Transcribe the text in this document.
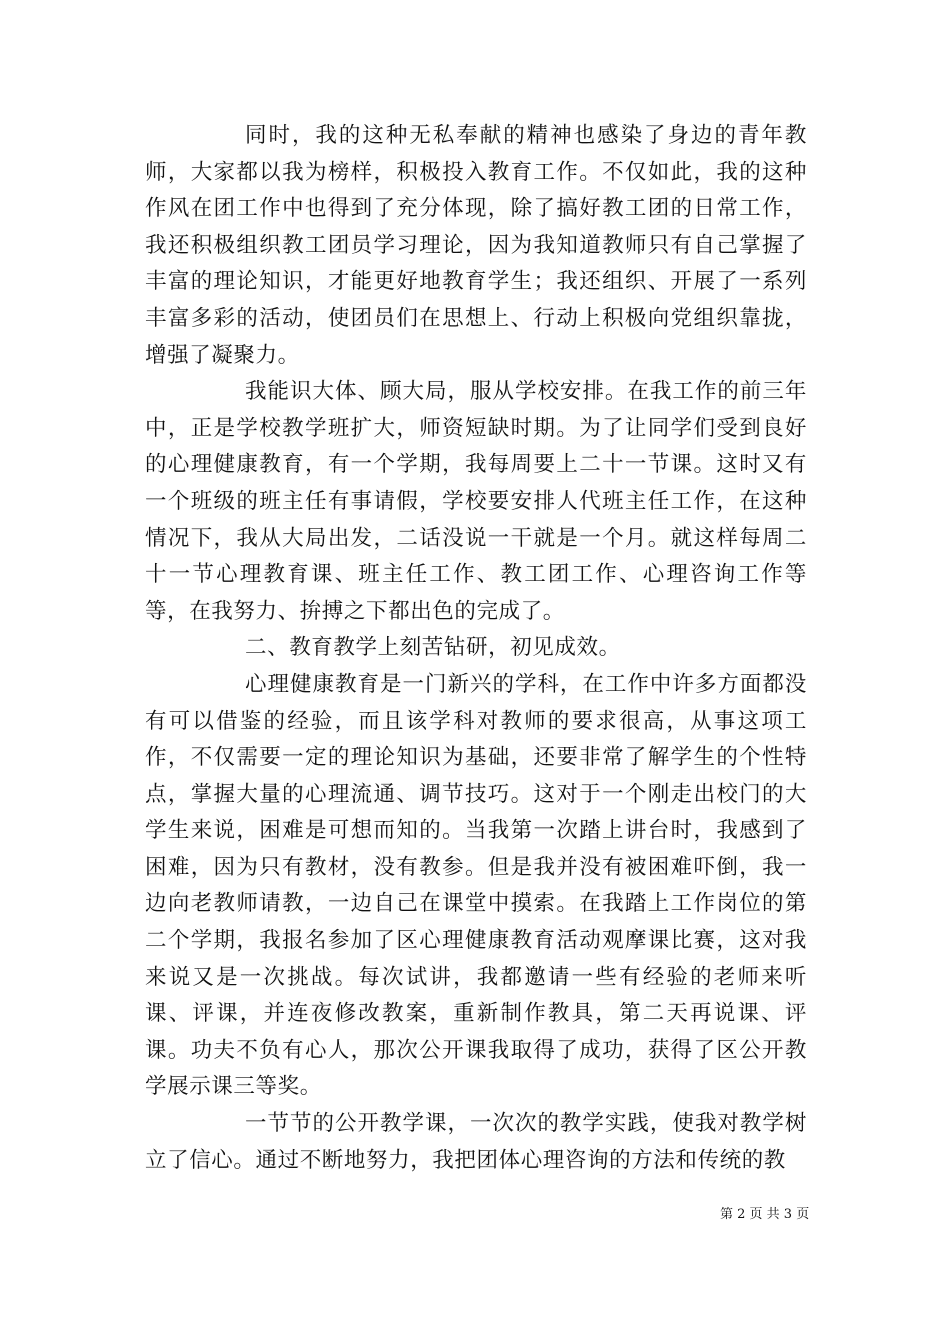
同时，我的这种无私奉献的精神也感染了身边的青年教师，大家都以我为榜样，积极投入教育工作。不仅如此，我的这种作风在团工作中也得到了充分体现，除了搞好教工团的日常工作，我还积极组织教工团员学习理论，因为我知道教师只有自己掌握了丰富的理论知识，才能更好地教育学生；我还组织、开展了一系列丰富多彩的活动，使团员们在思想上、行动上积极向党组织靠拢，增强了凝聚力。

我能识大体、顾大局，服从学校安排。在我工作的前三年中，正是学校教学班扩大，师资短缺时期。为了让同学们受到良好的心理健康教育，有一个学期，我每周要上二十一节课。这时又有一个班级的班主任有事请假，学校要安排人代班主任工作，在这种情况下，我从大局出发，二话没说一干就是一个月。就这样每周二十一节心理教育课、班主任工作、教工团工作、心理咨询工作等等，在我努力、拚搏之下都出色的完成了。

二、教育教学上刻苦钻研，初见成效。

心理健康教育是一门新兴的学科，在工作中许多方面都没有可以借鉴的经验，而且该学科对教师的要求很高，从事这项工作，不仅需要一定的理论知识为基础，还要非常了解学生的个性特点，掌握大量的心理流通、调节技巧。这对于一个刚走出校门的大学生来说，困难是可想而知的。当我第一次踏上讲台时，我感到了困难，因为只有教材，没有教参。但是我并没有被困难吓倒，我一边向老教师请教，一边自己在课堂中摸索。在我踏上工作岗位的第二个学期，我报名参加了区心理健康教育活动观摩课比赛，这对我来说又是一次挑战。每次试讲，我都邀请一些有经验的老师来听课、评课，并连夜修改教案，重新制作教具，第二天再说课、评课。功夫不负有心人，那次公开课我取得了成功，获得了区公开教学展示课三等奖。

一节节的公开教学课，一次次的教学实践，使我对教学树立了信心。通过不断地努力，我把团体心理咨询的方法和传统的教

第 2 页 共 3 页
